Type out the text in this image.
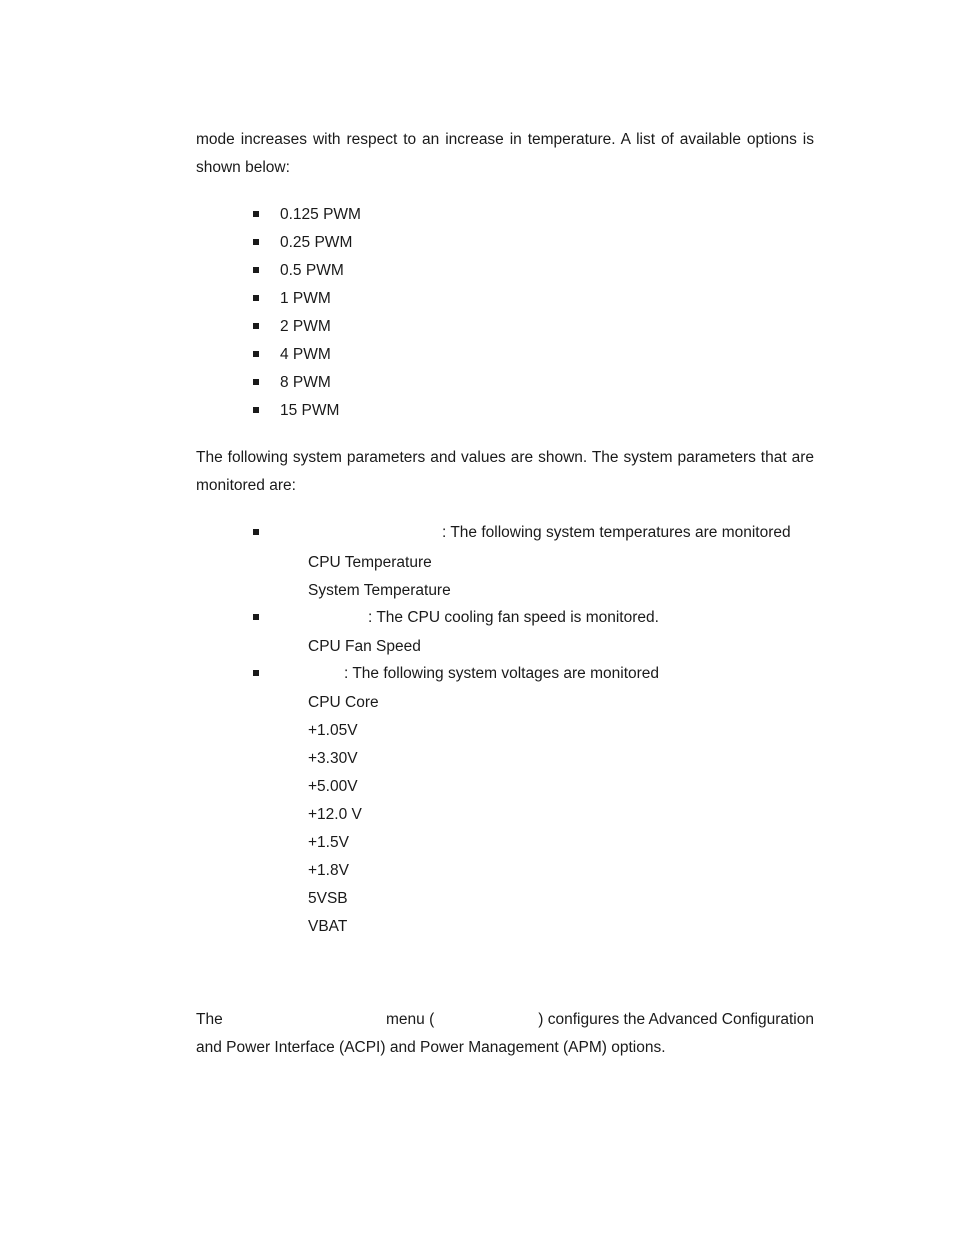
mode increases with respect to an increase in temperature. A list of available options is
shown below:
0.125 PWM
0.25 PWM
0.5 PWM
1 PWM
2 PWM
4 PWM
8 PWM
15 PWM
The following system parameters and values are shown. The system parameters that are
monitored are:
: The following system temperatures are monitored
CPU Temperature
System Temperature
: The CPU cooling fan speed is monitored.
CPU Fan Speed
: The following system voltages are monitored
CPU Core
+1.05V
+3.30V
+5.00V
+12.0 V
+1.5V
+1.8V
5VSB
VBAT
The	menu (	) configures the Advanced Configuration
and Power Interface (ACPI) and Power Management (APM) options.
